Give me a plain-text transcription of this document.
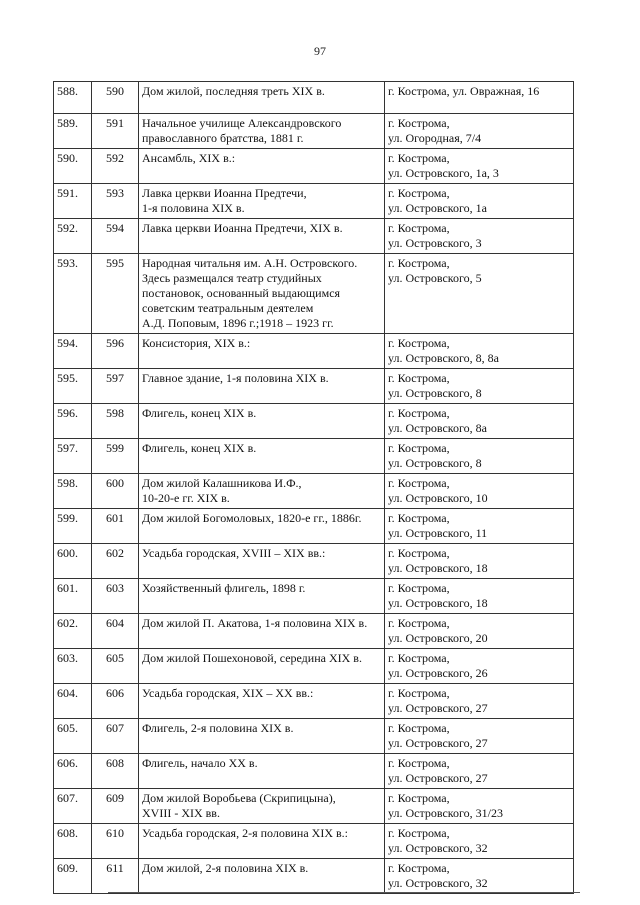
97
588.	590	Дом жилой, последняя треть XIX в.	г. Кострома, ул. Овражная, 16
589.	591	Начальное училище Александровского
православного братства, 1881 г.	г. Кострома,
ул. Огородная, 7/4
590.	592	Ансамбль, XIX в.:	г. Кострома,
ул. Островского, 1а, 3
591.	593	Лавка церкви Иоанна Предтечи,
1-я половина XIX в.	г. Кострома,
ул. Островского, 1а
592.	594	Лавка церкви Иоанна Предтечи, XIX в.	г. Кострома,
ул. Островского, 3
593.	595	Народная читальня им. А.Н. Островского.
Здесь размещался театр студийных
постановок, основанный выдающимся
советским театральным деятелем
А.Д. Поповым, 1896 г.;1918 – 1923 гг.	г. Кострома,
ул. Островского, 5
594.	596	Консистория, XIX в.:	г. Кострома,
ул. Островского, 8, 8а
595.	597	Главное здание, 1-я половина XIX в.	г. Кострома,
ул. Островского, 8
596.	598	Флигель, конец XIX в.	г. Кострома,
ул. Островского, 8а
597.	599	Флигель, конец XIX в.	г. Кострома,
ул. Островского, 8
598.	600	Дом жилой Калашникова И.Ф.,
10-20-е гг. XIX в.	г. Кострома,
ул. Островского, 10
599.	601	Дом жилой Богомоловых, 1820-е гг., 1886г.	г. Кострома,
ул. Островского, 11
600.	602	Усадьба городская, XVIII – XIX вв.:	г. Кострома,
ул. Островского, 18
601.	603	Хозяйственный флигель, 1898 г.	г. Кострома,
ул. Островского, 18
602.	604	Дом жилой П. Акатова, 1-я половина XIX в.	г. Кострома,
ул. Островского, 20
603.	605	Дом жилой Пошехоновой, середина XIX в.	г. Кострома,
ул. Островского, 26
604.	606	Усадьба городская, XIX – XX вв.:	г. Кострома,
ул. Островского, 27
605.	607	Флигель, 2-я половина XIX в.	г. Кострома,
ул. Островского, 27
606.	608	Флигель, начало XX в.	г. Кострома,
ул. Островского, 27
607.	609	Дом жилой Воробьева (Скрипицына),
XVIII - XIX вв.	г. Кострома,
ул. Островского, 31/23
608.	610	Усадьба городская, 2-я половина XIX в.:	г. Кострома,
ул. Островского, 32
609.	611	Дом жилой, 2-я половина XIX в.	г. Кострома,
ул. Островского, 32
